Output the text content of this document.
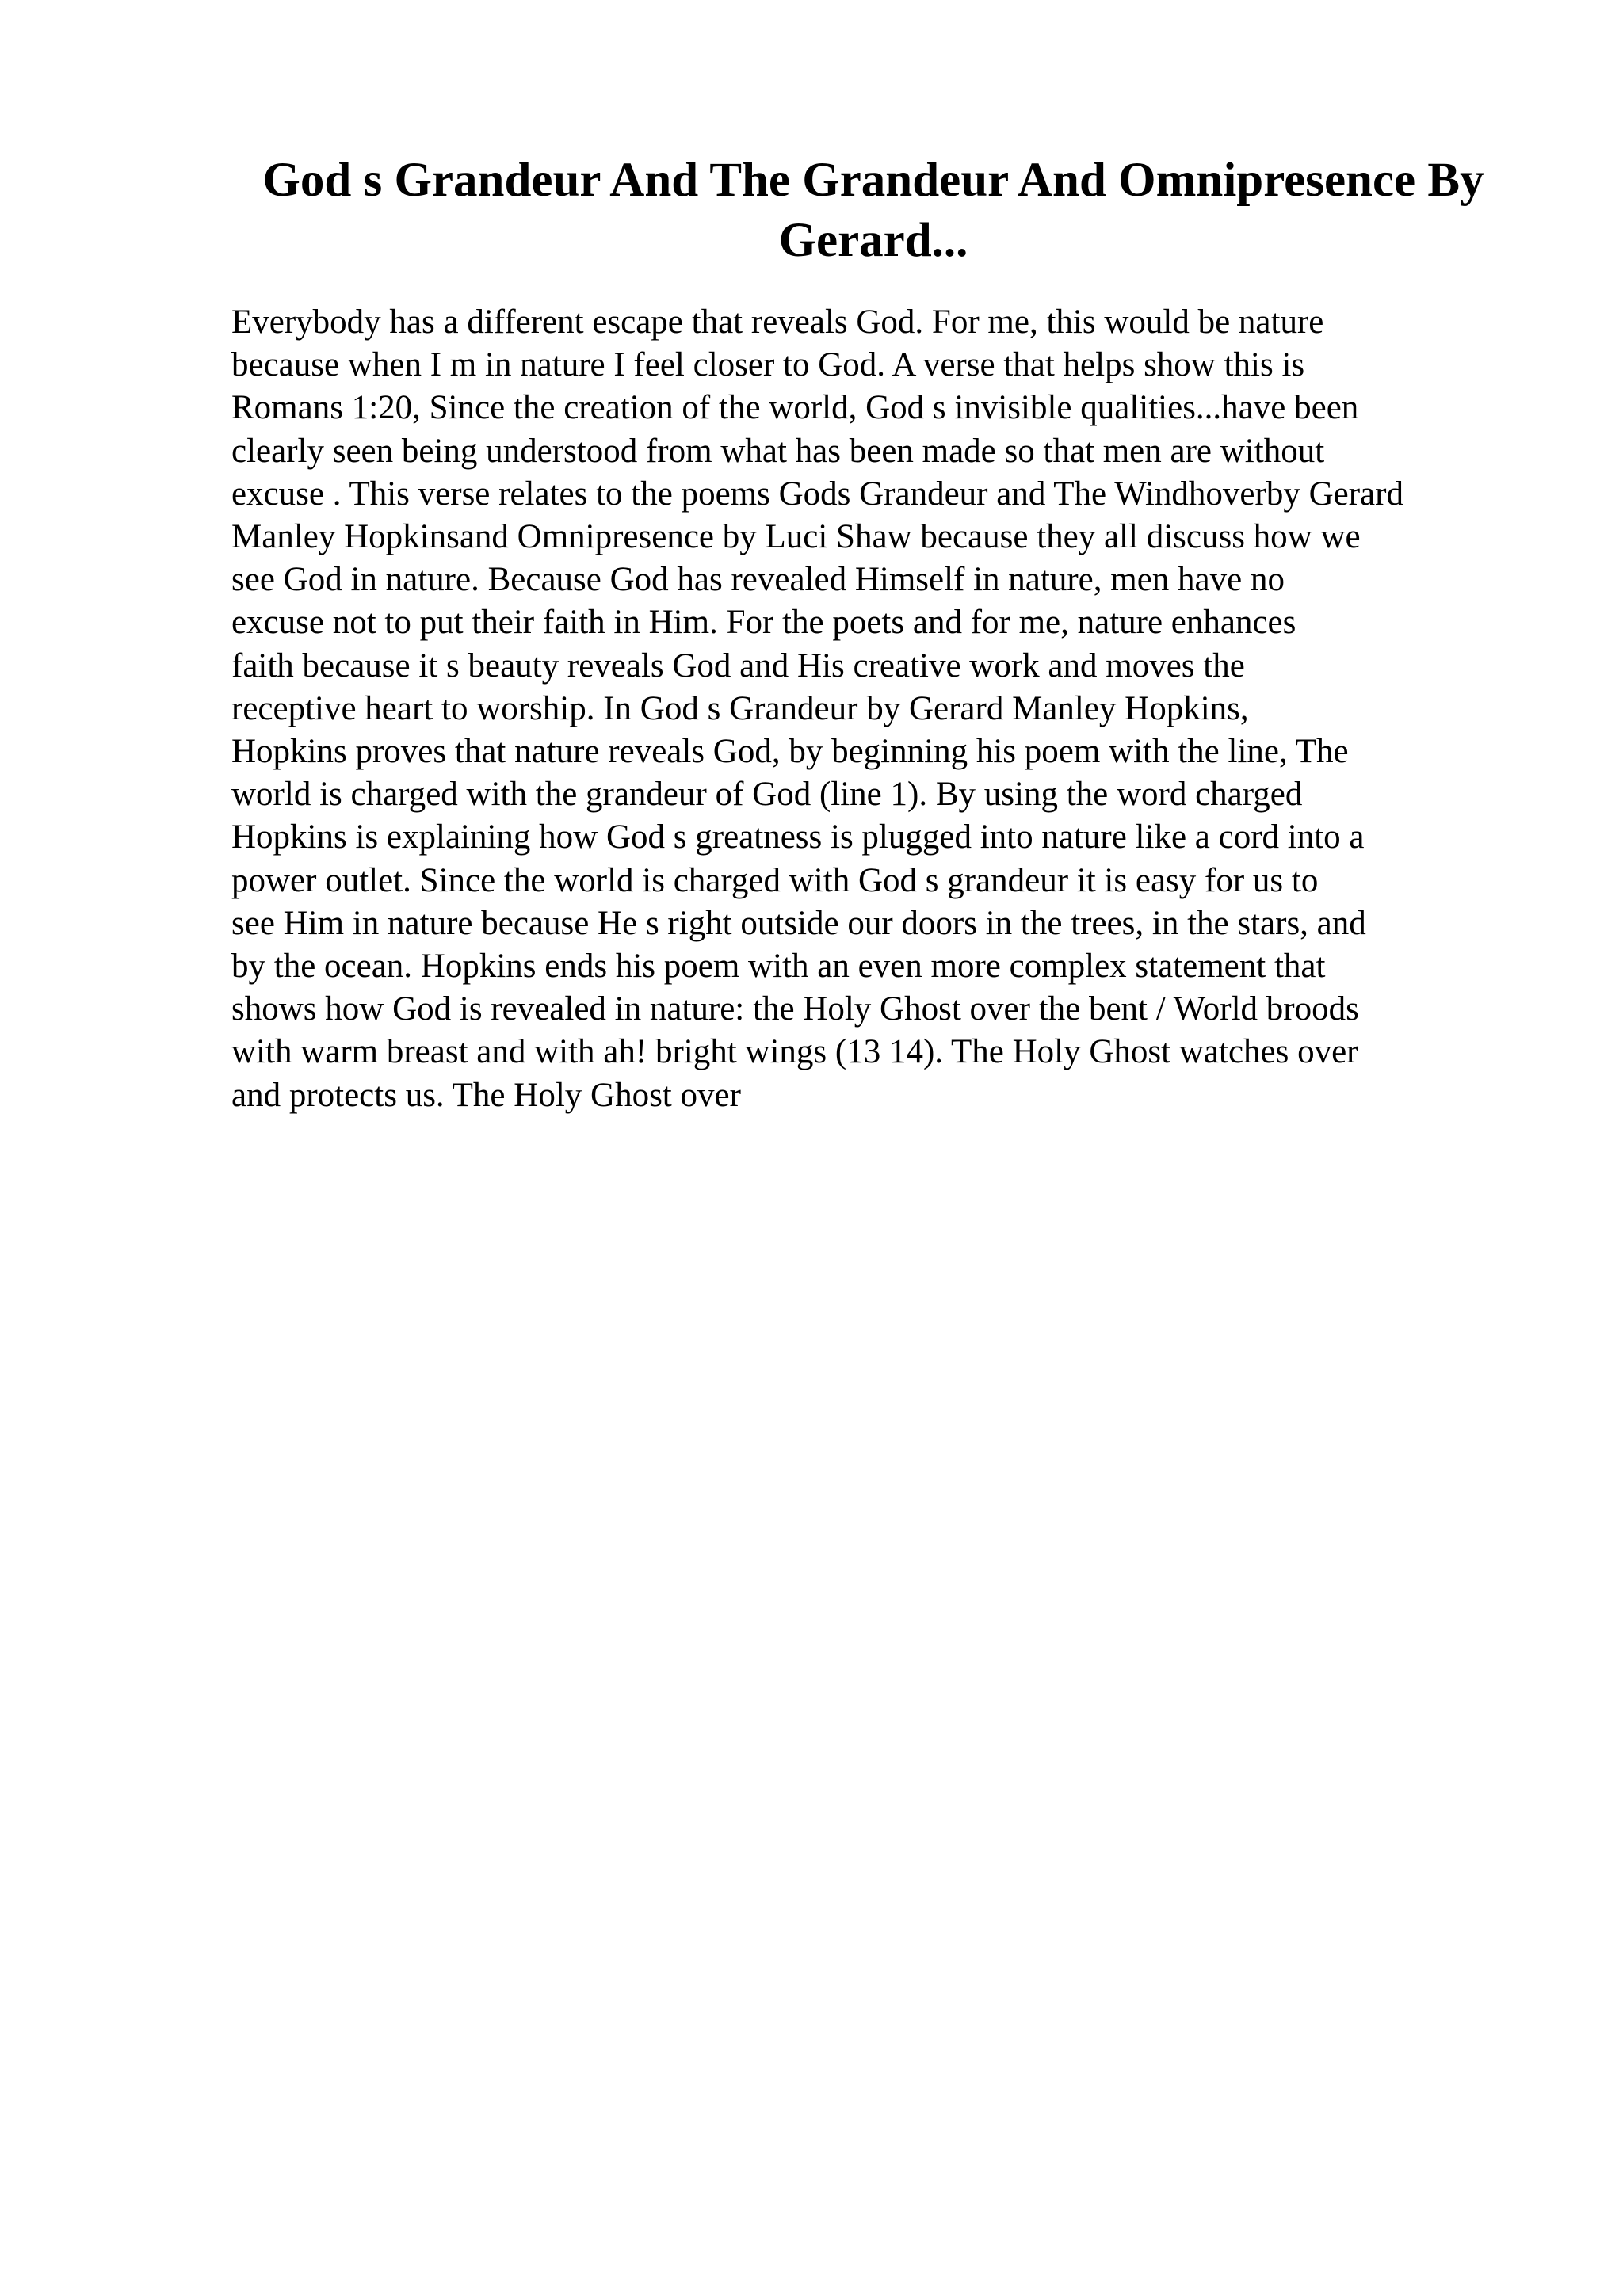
God s Grandeur And The Grandeur And Omnipresence By
Gerard...
Everybody has a different escape that reveals God. For me, this would be nature
because when I m in nature I feel closer to God. A verse that helps show this is
Romans 1:20, Since the creation of the world, God s invisible qualities...have been
clearly seen being understood from what has been made so that men are without
excuse . This verse relates to the poems Gods Grandeur and The Windhoverby Gerard
Manley Hopkinsand Omnipresence by Luci Shaw because they all discuss how we
see God in nature. Because God has revealed Himself in nature, men have no
excuse not to put their faith in Him. For the poets and for me, nature enhances
faith because it s beauty reveals God and His creative work and moves the
receptive heart to worship. In God s Grandeur by Gerard Manley Hopkins,
Hopkins proves that nature reveals God, by beginning his poem with the line, The
world is charged with the grandeur of God (line 1). By using the word charged
Hopkins is explaining how God s greatness is plugged into nature like a cord into a
power outlet. Since the world is charged with God s grandeur it is easy for us to
see Him in nature because He s right outside our doors in the trees, in the stars, and
by the ocean. Hopkins ends his poem with an even more complex statement that
shows how God is revealed in nature: the Holy Ghost over the bent / World broods
with warm breast and with ah! bright wings (13 14). The Holy Ghost watches over
and protects us. The Holy Ghost over
